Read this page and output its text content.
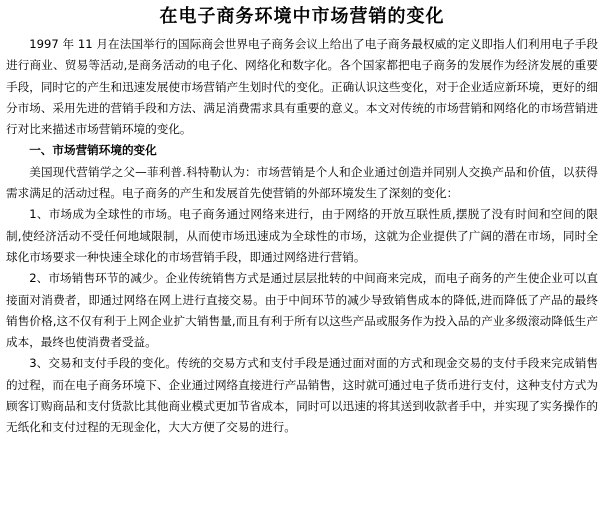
在电子商务环境中市场营销的变化

1997 年 11 月在法国举行的国际商会世界电子商务会议上给出了电子商务最权威的定义即指人们利用电子手段进行商业、贸易等活动,是商务活动的电子化、网络化和数字化。各个国家都把电子商务的发展作为经济发展的重要手段，同时它的产生和迅速发展使市场营销产生划时代的变化。正确认识这些变化，对于企业适应新环境，更好的细分市场、采用先进的营销手段和方法、满足消费需求具有重要的意义。本文对传统的市场营销和网络化的市场营销进行对比来描述市场营销环境的变化。

一、市场营销环境的变化

美国现代营销学之父—菲利普.科特勒认为：市场营销是个人和企业通过创造并同别人交换产品和价值，以获得需求满足的活动过程。电子商务的产生和发展首先使营销的外部环境发生了深刻的变化：

1、市场成为全球性的市场。电子商务通过网络来进行，由于网络的开放互联性质,摆脱了没有时间和空间的限制,使经济活动不受任何地域限制，从而使市场迅速成为全球性的市场，这就为企业提供了广阔的潜在市场，同时全球化市场要求一种快速全球化的市场营销手段，即通过网络进行营销。

2、市场销售环节的减少。企业传统销售方式是通过层层批转的中间商来完成，而电子商务的产生使企业可以直接面对消费者，即通过网络在网上进行直接交易。由于中间环节的减少导致销售成本的降低,进而降低了产品的最终销售价格,这不仅有利于上网企业扩大销售量,而且有利于所有以这些产品或服务作为投入品的产业多级滚动降低生产成本，最终也使消费者受益。

3、交易和支付手段的变化。传统的交易方式和支付手段是通过面对面的方式和现金交易的支付手段来完成销售的过程，而在电子商务环境下、企业通过网络直接进行产品销售，这时就可通过电子货币进行支付，这种支付方式为顾客订购商品和支付货款比其他商业模式更加节省成本，同时可以迅速的将其送到收款者手中，并实现了实务操作的无纸化和支付过程的无现金化，大大方便了交易的进行。
